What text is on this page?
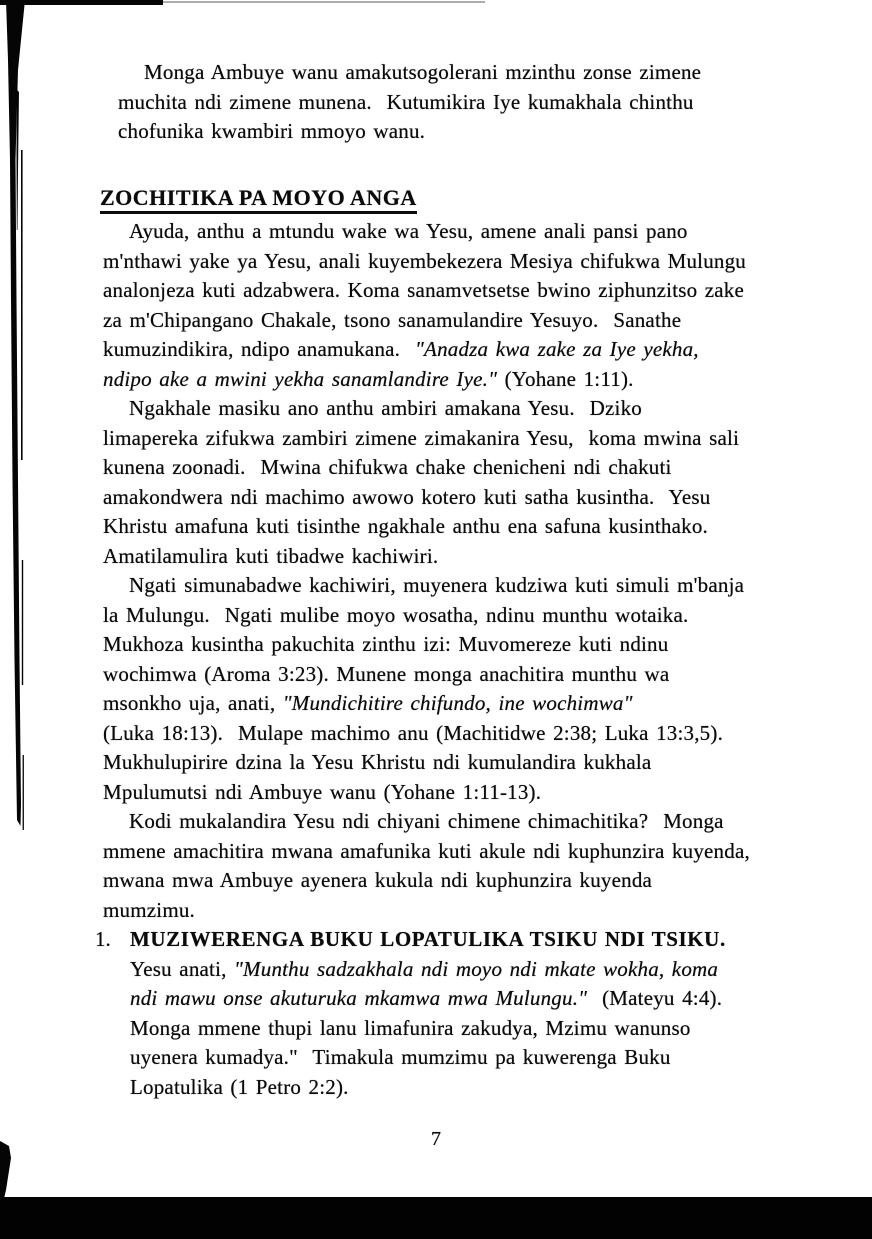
Monga Ambuye wanu amakutsogolerani mzinthu zonse zimene
muchita ndi zimene munena.  Kutumikira Iye kumakhala chinthu
chofunika kwambiri mmoyo wanu.
ZOCHITIKA PA MOYO ANGA
Ayuda, anthu a mtundu wake wa Yesu, amene anali pansi pano
m'nthawi yake ya Yesu, anali kuyembekezera Mesiya chifukwa Mulungu
analonjeza kuti adzabwera. Koma sanamvetsetse bwino ziphunzitso zake
za m'Chipangano Chakale, tsono sanamulandire Yesuyo.  Sanathe
kumuzindikira, ndipo anamukana.  "Anadza kwa zake za Iye yekha,
ndipo ake a mwini yekha sanamlandire Iye." (Yohane 1:11).
Ngakhale masiku ano anthu ambiri amakana Yesu.  Dziko
limapereka zifukwa zambiri zimene zimakanira Yesu,  koma mwina sali
kunena zoonadi.  Mwina chifukwa chake chenicheni ndi chakuti
amakondwera ndi machimo awowo kotero kuti satha kusintha.  Yesu
Khristu amafuna kuti tisinthe ngakhale anthu ena safuna kusinthako.
Amatilamulira kuti tibadwe kachiwiri.
Ngati simunabadwe kachiwiri, muyenera kudziwa kuti simuli m'banja
la Mulungu.  Ngati mulibe moyo wosatha, ndinu munthu wotaika.
Mukhoza kusintha pakuchita zinthu izi: Muvomereze kuti ndinu
wochimwa (Aroma 3:23). Munene monga anachitira munthu wa
msonkho uja, anati, "Mundichitire chifundo, ine wochimwa"
(Luka 18:13).  Mulape machimo anu (Machitidwe 2:38; Luka 13:3,5).
Mukhulupirire dzina la Yesu Khristu ndi kumulandira kukhala
Mpulumutsi ndi Ambuye wanu (Yohane 1:11-13).
Kodi mukalandira Yesu ndi chiyani chimene chimachitika?  Monga
mmene amachitira mwana amafunika kuti akule ndi kuphunzira kuyenda,
mwana mwa Ambuye ayenera kukula ndi kuphunzira kuyenda
mumzimu.
1. MUZIWERENGA BUKU LOPATULIKA TSIKU NDI TSIKU.
Yesu anati, "Munthu sadzakhala ndi moyo ndi mkate wokha, koma
ndi mawu onse akuturuka mkamwa mwa Mulungu."  (Mateyu 4:4).
Monga mmene thupi lanu limafunira zakudya, Mzimu wanunso
uyenera kumadya."  Timakula mumzimu pa kuwerenga Buku
Lopatulika (1 Petro 2:2).
7
